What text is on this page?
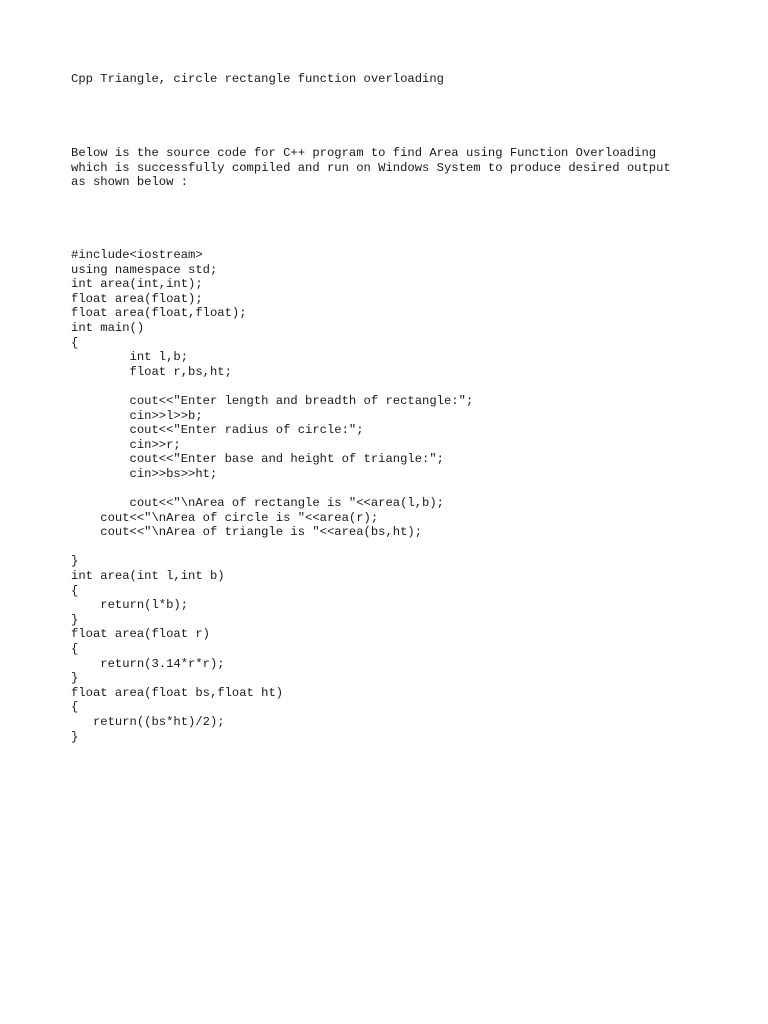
Cpp Triangle, circle rectangle function overloading

Below is the source code for C++ program to find Area using Function Overloading
which is successfully compiled and run on Windows System to produce desired output
as shown below :
#include<iostream>
using namespace std;
int area(int,int);
float area(float);
float area(float,float);
int main()
{
int l,b;
float r,bs,ht;

cout<<"Enter length and breadth of rectangle:";
cin>>l>>b;
cout<<"Enter radius of circle:";
cin>>r;
cout<<"Enter base and height of triangle:";
cin>>bs>>ht;

cout<<"\nArea of rectangle is "<<area(l,b);
cout<<"\nArea of circle is "<<area(r);
cout<<"\nArea of triangle is "<<area(bs,ht);

}
int area(int l,int b)
{
return(l*b);
}
float area(float r)
{
return(3.14*r*r);
}
float area(float bs,float ht)
{
return((bs*ht)/2);
}
